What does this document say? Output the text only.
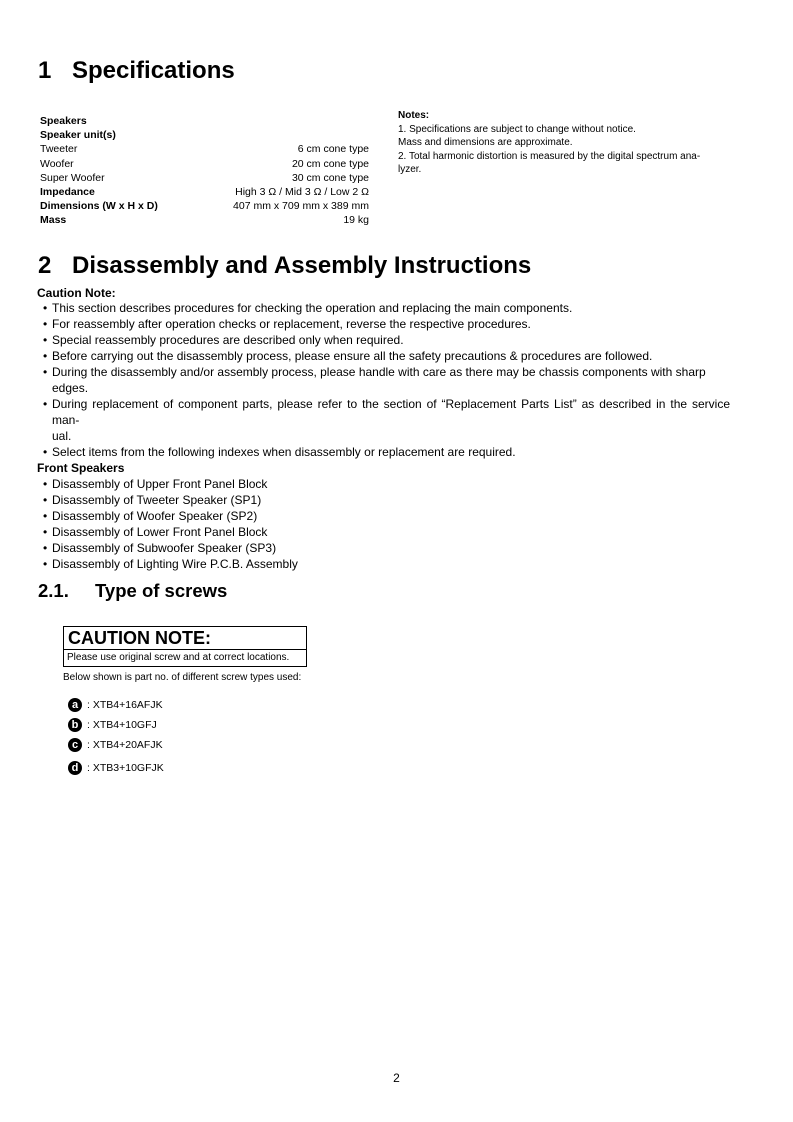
1 Specifications
Speakers
Speaker unit(s)
Tweeter	6 cm cone type
Woofer	20 cm cone type
Super Woofer	30 cm cone type
Impedance	High 3 Ω / Mid 3 Ω / Low 2 Ω
Dimensions (W x H x D)	407 mm x 709 mm x 389 mm
Mass	19 kg
Notes:
1. Specifications are subject to change without notice.
Mass and dimensions are approximate.
2. Total harmonic distortion is measured by the digital spectrum ana-
lyzer.
2 Disassembly and Assembly Instructions
Caution Note:
• This section describes procedures for checking the operation and replacing the main components.
• For reassembly after operation checks or replacement, reverse the respective procedures.
• Special reassembly procedures are described only when required.
• Before carrying out the disassembly process, please ensure all the safety precautions & procedures are followed.
• During the disassembly and/or assembly process, please handle with care as there may be chassis components with sharp
edges.
• During replacement of component parts, please refer to the section of “Replacement Parts List” as described in the service man-
ual.
• Select items from the following indexes when disassembly or replacement are required.
Front Speakers
• Disassembly of Upper Front Panel Block
• Disassembly of Tweeter Speaker (SP1)
• Disassembly of Woofer Speaker (SP2)
• Disassembly of Lower Front Panel Block
• Disassembly of Subwoofer Speaker (SP3)
• Disassembly of Lighting Wire P.C.B. Assembly
2.1. Type of screws
CAUTION NOTE:
Please use original screw and at correct locations.
Below shown is part no. of different screw types used:
a : XTB4+16AFJK
b : XTB4+10GFJ
c : XTB4+20AFJK
d : XTB3+10GFJK
2
